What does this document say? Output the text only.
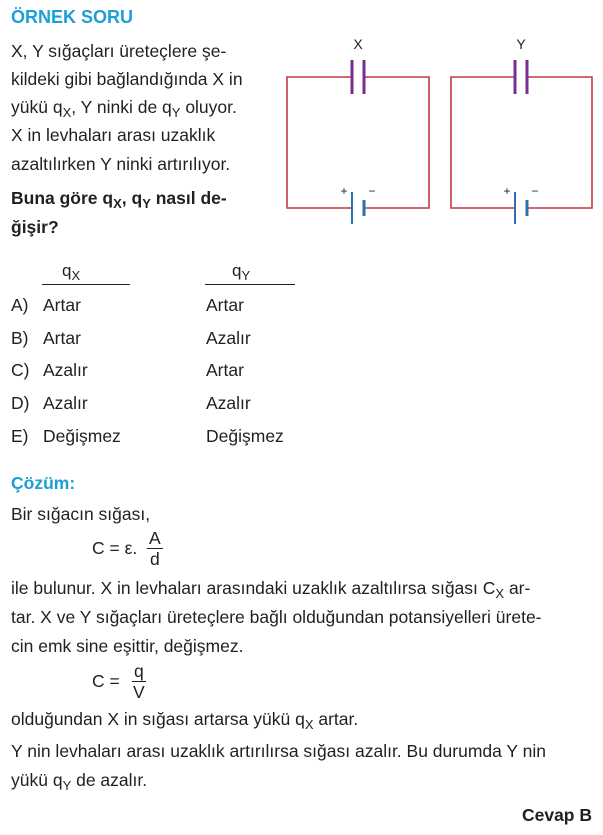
ÖRNEK SORU
X, Y sığaçları üreteçlere şe-
kildeki gibi bağlandığında X in
yükü $q_X$, Y ninki de $q_Y$ oluyor.
X in levhaları arası uzaklık
azaltılırken Y ninki artırılıyor.
Buna göre $q_X$, $q_Y$ nasıl de-
ğişir?
X
+ −
Y
+ −
$q_X$	$q_Y$
A) Artar	Artar
B) Artar	Azalır
C) Azalır	Artar
D) Azalır	Azalır
E) Değişmez	Değişmez
Çözüm:
Bir sığacın sığası,
C = ε. $\frac{A}{d}$
ile bulunur. X in levhaları arasındaki uzaklık azaltılırsa sığası $C_X$ ar-
tar. X ve Y sığaçları üreteçlere bağlı olduğundan potansiyelleri ürete-
cin emk sine eşittir, değişmez.
$C = \frac{q}{V}$
olduğundan X in sığası artarsa yükü $q_X$ artar.
Y nin levhaları arası uzaklık artırılırsa sığası azalır. Bu durumda Y nin
yükü $q_Y$ de azalır.
Cevap B
